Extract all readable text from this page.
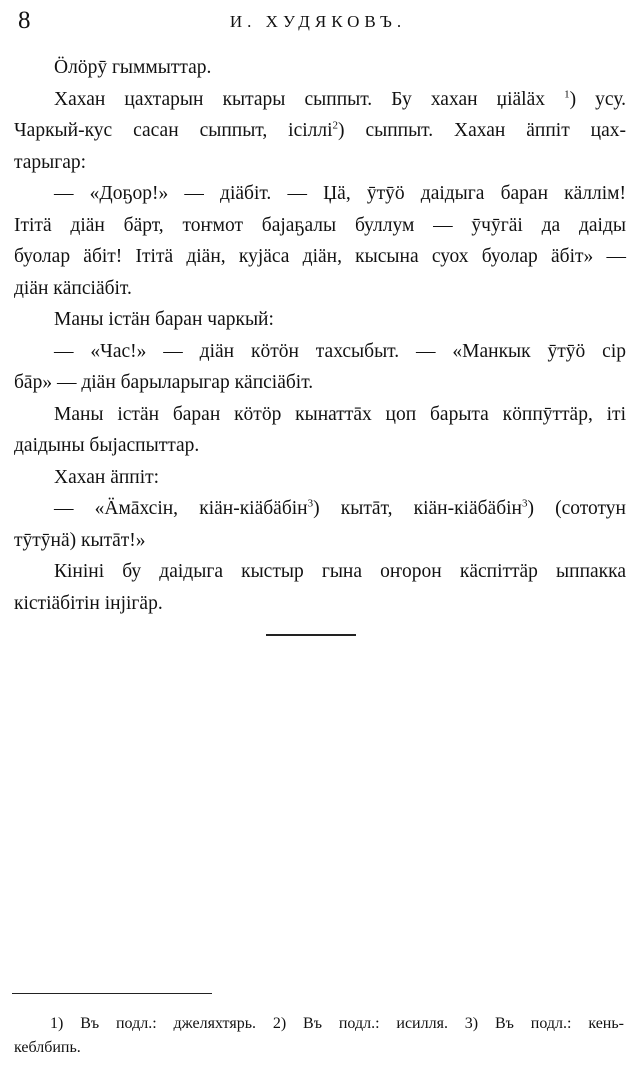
8	И. ХУДЯКОВЪ.

Öлöрӯ гыммыттар.

Хахан цахтарын кытары сыппыт. Бу хахан џiäläх $^1$) усу.
Чаркый-кус сасан сыппыт, iсiллi$^2$) сыппыт. Хахан äппiт цах-
тарыгар:

— «Доҕор!» — дiäбiт. — Џä, ӯтӯö даiдыга баран кäллiм!
Iтiтä дiäн бäрт, тоҥмот баjаҕалы буллум — ӯчӯгäi да даiды
буолар äбiт! Iтiтä дiäн, куjäса дiäн, кысына суох буолар äбiт» —
дiäн кäпсiäбiт.

Маны iстäн баран чаркый:

— «Час!» — дiäн кöтöн тахсыбыт. — «Манкык ӯтӯö сiр
бāр» — дiäн барыларыгар кäпсiäбiт.

Маны iстäн баран кöтöр кынаттāх цоп барыта кöппӯттäр, iтi
даiдыны быjаспыттар.

Хахан äппiт:

— «Äмāхсiн, кiäн-кiäбäбiн$^3$) кытāт, кiäн-кiäбäбiн$^3$) (сототун
тӯтӯнä) кытāт!»

Кiнiнi бу даiдыга кыстыр гына оҥорон кäспiттäр ыппакка
кiстiäбiтiн iнjiгäр.

1) Въ подл.: джеляхтярь. 2) Въ подл.: исилля. 3) Въ подл.: кень-
кеблбипь.
